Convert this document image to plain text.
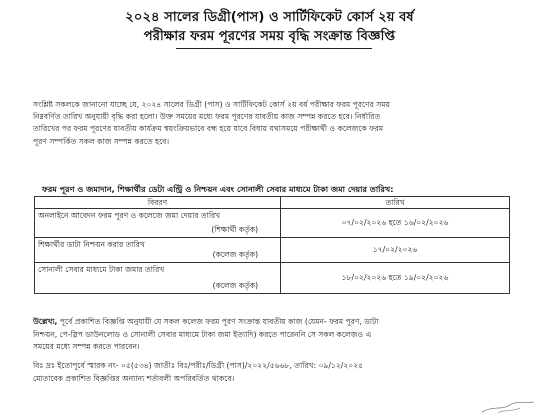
২০২৪ সালের ডিগ্রী(পাস) ও সার্টিফিকেট কোর্স ২য় বর্ষ
পরীক্ষার ফরম পূরণের সময় বৃদ্ধি সংক্রান্ত বিজ্ঞপ্তি
সংশ্লিষ্ট সকলকে জানানো যাচ্ছে যে, ২০২৪ সালের ডিগ্রী (পাস) ও সার্টিফিকেট কোর্স ২য় বর্ষ পরীক্ষার ফরম পূরণের সময়
নিম্নবর্ণিত তারিখ অনুযায়ী বৃদ্ধি করা হলো। উক্ত সময়ের মধ্যে ফরম পূরণের যাবতীয় কাজ সম্পন্ন করতে হবে। নির্ধারিত
তারিখের পর ফরম পূরণের যাবতীয় কার্যক্রম স্বয়ংক্রিয়ভাবে বন্ধ হয়ে যাবে বিধায় যথাসময়ে পরীক্ষার্থী ও কলেজকে ফরম
পূরণ সম্পর্কিত সকল কাজ সম্পন্ন করতে হবে।
ফরম পূরণ ও জমাদান, শিক্ষার্থীর ডেটা এন্ট্রি ও নিশ্চয়ন এবং সোনালী সেবার মাধ্যমে টাকা জমা দেয়ার তারিখ:
বিবরণ	তারিখ

অনলাইনে আবেদন ফরম পূরণ ও কলেজে জমা দেয়ার তারিখ
(শিক্ষার্থী কর্তৃক)	০৭/০২/২০২৬ হতে ১৬/০২/২০২৬

শিক্ষার্থীর ডাটা নিশ্চয়ন করার তারিখ
(কলেজ কর্তৃক)	১৭/০২/২০২৬

সোনালী সেবার মাধ্যমে টাকা জমার তারিখ
(কলেজ কর্তৃক)	১৮/০২/২০২৬ হতে ১৯/০২/২০২৬
উল্লেখ্য, পূর্বে প্রকাশিত বিজ্ঞপ্তি অনুযায়ী যে সকল কলেজ ফরম পূরণ সংক্রান্ত যাবতীয় কাজ (যেমন- ফরম পূরণ, ডাটা
নিশ্চয়ন, পে-স্লিপ ডাউনলোড ও সোনালী সেবার মাধ্যমে টাকা জমা ইত্যাদি) করতে পারেননি সে সকল কলেজও এ
সময়ের মধ্যে সম্পন্ন করতে পারবেন।
বিঃ দ্রঃ ইতোপূর্বে স্মারক নং- ০৫(৫৩৪) জাতীঃ বিঃ/পরীঃ/ডিগ্রী (পাস)/২০২২/৫৬৬৮, তারিখ: ০৯/১২/২০২৫
মোতাবেক প্রকাশিত বিজ্ঞপ্তির অন্যান্য শর্তাবলী অপরিবর্তিত থাকবে।
